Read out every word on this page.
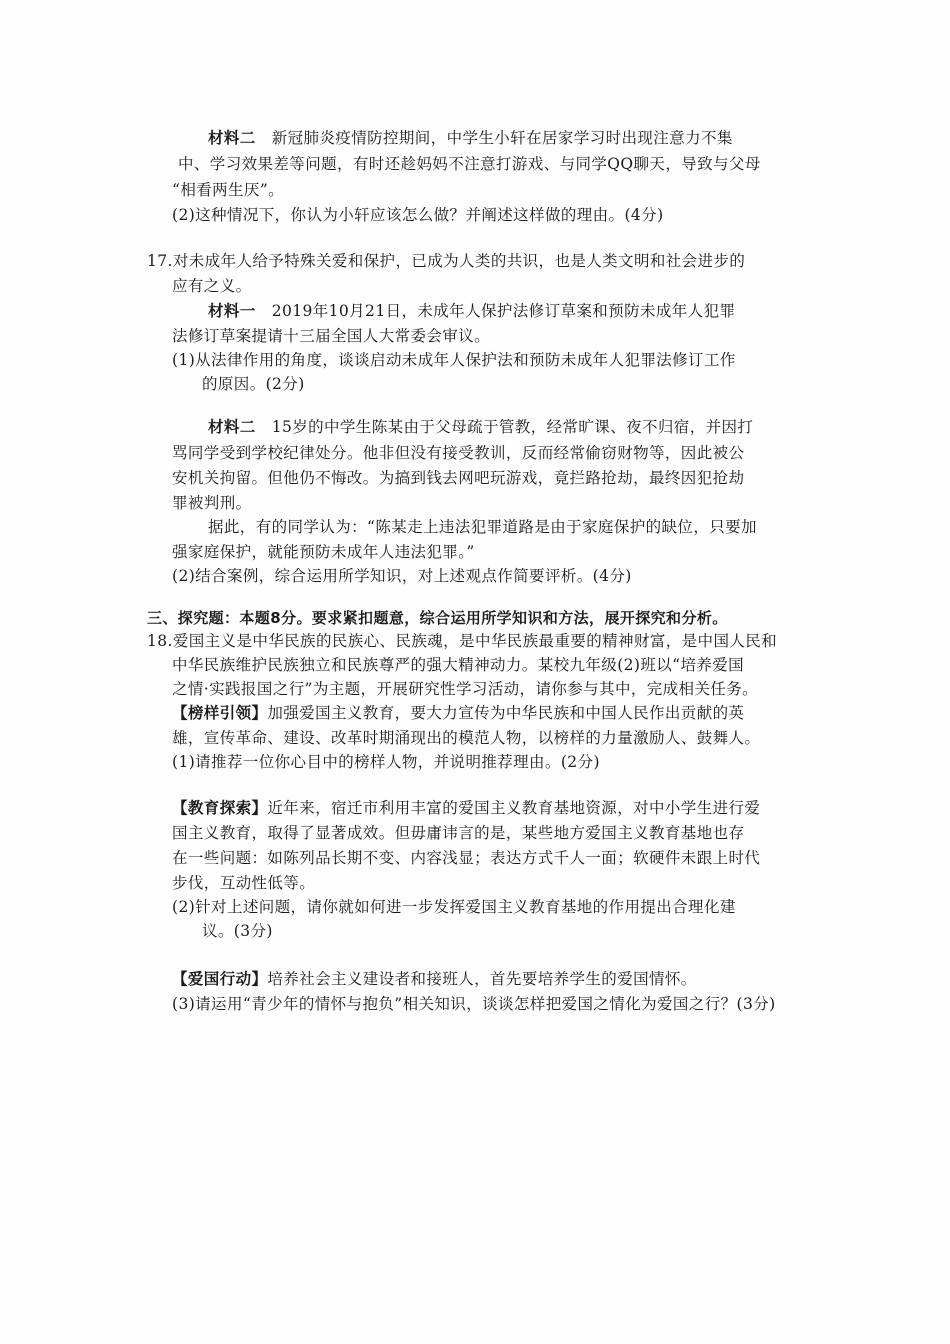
材料二 新冠肺炎疫情防控期间，中学生小轩在居家学习时出现注意力不集
中、学习效果差等问题，有时还趁妈妈不注意打游戏、与同学QQ聊天，导致与父母
“相看两生厌”。
(2)这种情况下，你认为小轩应该怎么做？并阐述这样做的理由。(4分)
17.对未成年人给予特殊关爱和保护，已成为人类的共识，也是人类文明和社会进步的
应有之义。
材料一 2019年10月21日，未成年人保护法修订草案和预防未成年人犯罪
法修订草案提请十三届全国人大常委会审议。
(1)从法律作用的角度，谈谈启动未成年人保护法和预防未成年人犯罪法修订工作
的原因。(2分)
材料二 15岁的中学生陈某由于父母疏于管教，经常旷课、夜不归宿，并因打
骂同学受到学校纪律处分。他非但没有接受教训，反而经常偷窃财物等，因此被公
安机关拘留。但他仍不悔改。为搞到钱去网吧玩游戏，竟拦路抢劫，最终因犯抢劫
罪被判刑。
据此，有的同学认为：“陈某走上违法犯罪道路是由于家庭保护的缺位，只要加
强家庭保护，就能预防未成年人违法犯罪。”
(2)结合案例，综合运用所学知识，对上述观点作简要评析。(4分)
三、探究题：本题8分。要求紧扣题意，综合运用所学知识和方法，展开探究和分析。
18.爱国主义是中华民族的民族心、民族魂，是中华民族最重要的精神财富，是中国人民和
中华民族维护民族独立和民族尊严的强大精神动力。某校九年级(2)班以“培养爱国
之情·实践报国之行”为主题，开展研究性学习活动，请你参与其中，完成相关任务。
【榜样引领】加强爱国主义教育，要大力宣传为中华民族和中国人民作出贡献的英
雄，宣传革命、建设、改革时期涌现出的模范人物，以榜样的力量激励人、鼓舞人。
(1)请推荐一位你心目中的榜样人物，并说明推荐理由。(2分)
【教育探索】近年来，宿迁市利用丰富的爱国主义教育基地资源，对中小学生进行爱
国主义教育，取得了显著成效。但毋庸讳言的是，某些地方爱国主义教育基地也存
在一些问题：如陈列品长期不变、内容浅显；表达方式千人一面；软硬件未跟上时代
步伐，互动性低等。
(2)针对上述问题，请你就如何进一步发挥爱国主义教育基地的作用提出合理化建
议。(3分)
【爱国行动】培养社会主义建设者和接班人，首先要培养学生的爱国情怀。
(3)请运用“青少年的情怀与抱负”相关知识，谈谈怎样把爱国之情化为爱国之行？(3分)
